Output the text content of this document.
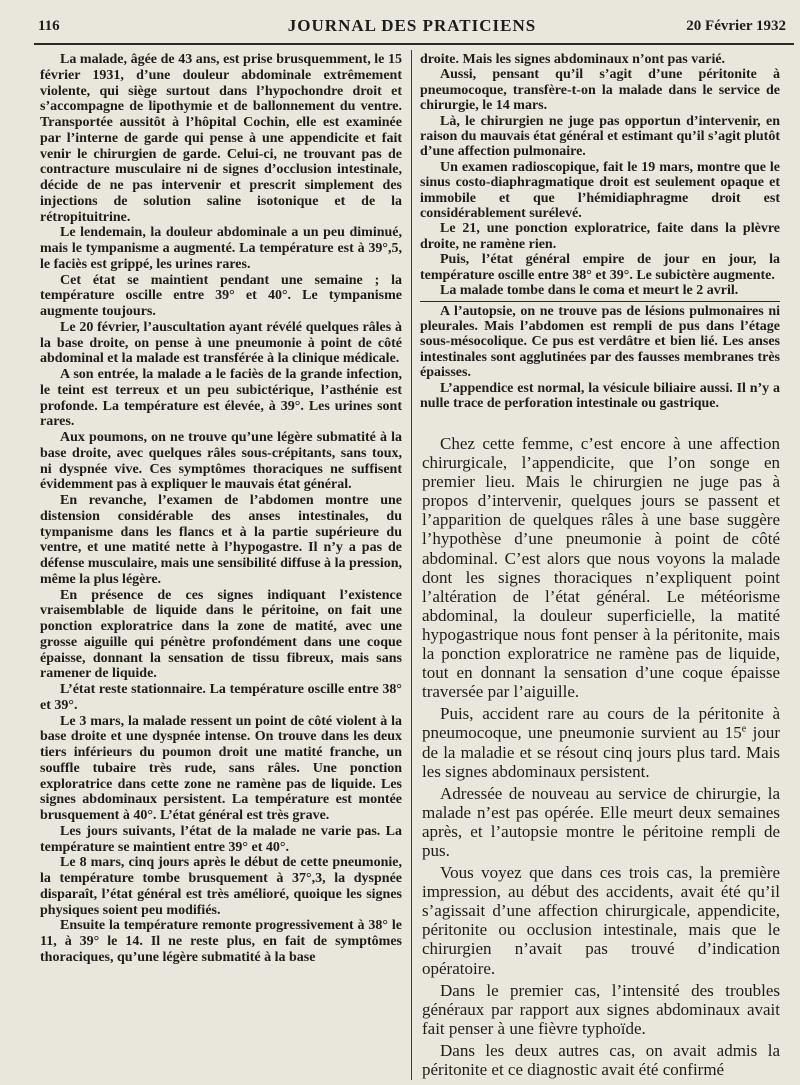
116	JOURNAL DES PRATICIENS	20 Février 1932

La malade, âgée de 43 ans, est prise brusquemment, le 15 février 1931, d’une douleur abdominale extrêmement violente, qui siège surtout dans l’hypochondre droit et s’accompagne de lipothymie et de ballonnement du ventre. Transportée aussitôt à l’hôpital Cochin, elle est examinée par l’interne de garde qui pense à une appendicite et fait venir le chirurgien de garde. Celui-ci, ne trouvant pas de contracture musculaire ni de signes d’occlusion intestinale, décide de ne pas intervenir et prescrit simplement des injections de solution saline isotonique et de la rétropituitrine.

Le lendemain, la douleur abdominale a un peu diminué, mais le tympanisme a augmenté. La température est à 39°,5, le faciès est grippé, les urines rares.

Cet état se maintient pendant une semaine ; la température oscille entre 39° et 40°. Le tympanisme augmente toujours.

Le 20 février, l’auscultation ayant révélé quelques râles à la base droite, on pense à une pneumonie à point de côté abdominal et la malade est transférée à la clinique médicale.

A son entrée, la malade a le faciès de la grande infection, le teint est terreux et un peu subictérique, l’asthénie est profonde. La température est élevée, à 39°. Les urines sont rares.

Aux poumons, on ne trouve qu’une légère submatité à la base droite, avec quelques râles sous-crépitants, sans toux, ni dyspnée vive. Ces symptômes thoraciques ne suffisent évidemment pas à expliquer le mauvais état général.

En revanche, l’examen de l’abdomen montre une distension considérable des anses intestinales, du tympanisme dans les flancs et à la partie supérieure du ventre, et une matité nette à l’hypogastre. Il n’y a pas de défense musculaire, mais une sensibilité diffuse à la pression, même la plus légère.

En présence de ces signes indiquant l’existence vraisemblable de liquide dans le péritoine, on fait une ponction exploratrice dans la zone de matité, avec une grosse aiguille qui pénètre profondément dans une coque épaisse, donnant la sensation de tissu fibreux, mais sans ramener de liquide.

L’état reste stationnaire. La température oscille entre 38° et 39°.

Le 3 mars, la malade ressent un point de côté violent à la base droite et une dyspnée intense. On trouve dans les deux tiers inférieurs du poumon droit une matité franche, un souffle tubaire très rude, sans râles. Une ponction exploratrice dans cette zone ne ramène pas de liquide. Les signes abdominaux persistent. La température est montée brusquement à 40°. L’état général est très grave.

Les jours suivants, l’état de la malade ne varie pas. La température se maintient entre 39° et 40°.

Le 8 mars, cinq jours après le début de cette pneumonie, la température tombe brusquement à 37°,3, la dyspnée disparaît, l’état général est très amélioré, quoique les signes physiques soient peu modifiés.

Ensuite la température remonte progressivement à 38° le 11, à 39° le 14. Il ne reste plus, en fait de symptômes thoraciques, qu’une légère submatité à la base

droite. Mais les signes abdominaux n’ont pas varié.

Aussi, pensant qu’il s’agit d’une péritonite à pneumocoque, transfère-t-on la malade dans le service de chirurgie, le 14 mars.

Là, le chirurgien ne juge pas opportun d’intervenir, en raison du mauvais état général et estimant qu’il s’agit plutôt d’une affection pulmonaire.

Un examen radioscopique, fait le 19 mars, montre que le sinus costo-diaphragmatique droit est seulement opaque et immobile et que l’hémidiaphragme droit est considérablement surélevé.

Le 21, une ponction exploratrice, faite dans la plèvre droite, ne ramène rien.

Puis, l’état général empire de jour en jour, la température oscille entre 38° et 39°. Le subictère augmente.

La malade tombe dans le coma et meurt le 2 avril.

A l’autopsie, on ne trouve pas de lésions pulmonaires ni pleurales. Mais l’abdomen est rempli de pus dans l’étage sous-mésocolique. Ce pus est verdâtre et bien lié. Les anses intestinales sont agglutinées par des fausses membranes très épaisses.

L’appendice est normal, la vésicule biliaire aussi. Il n’y a nulle trace de perforation intestinale ou gastrique.

Chez cette femme, c’est encore à une affection chirurgicale, l’appendicite, que l’on songe en premier lieu. Mais le chirurgien ne juge pas à propos d’intervenir, quelques jours se passent et l’apparition de quelques râles à une base suggère l’hypothèse d’une pneumonie à point de côté abdominal. C’est alors que nous voyons la malade dont les signes thoraciques n’expliquent point l’altération de l’état général. Le météorisme abdominal, la douleur superficielle, la matité hypogastrique nous font penser à la péritonite, mais la ponction exploratrice ne ramène pas de liquide, tout en donnant la sensation d’une coque épaisse traversée par l’aiguille.

Puis, accident rare au cours de la péritonite à pneumocoque, une pneumonie survient au 15e jour de la maladie et se résout cinq jours plus tard. Mais les signes abdominaux persistent.

Adressée de nouveau au service de chirurgie, la malade n’est pas opérée. Elle meurt deux semaines après, et l’autopsie montre le péritoine rempli de pus.

Vous voyez que dans ces trois cas, la première impression, au début des accidents, avait été qu’il s’agissait d’une affection chirurgicale, appendicite, péritonite ou occlusion intestinale, mais que le chirurgien n’avait pas trouvé d’indication opératoire.

Dans le premier cas, l’intensité des troubles généraux par rapport aux signes abdominaux avait fait penser à une fièvre typhoïde.

Dans les deux autres cas, on avait admis la péritonite et ce diagnostic avait été confirmé
